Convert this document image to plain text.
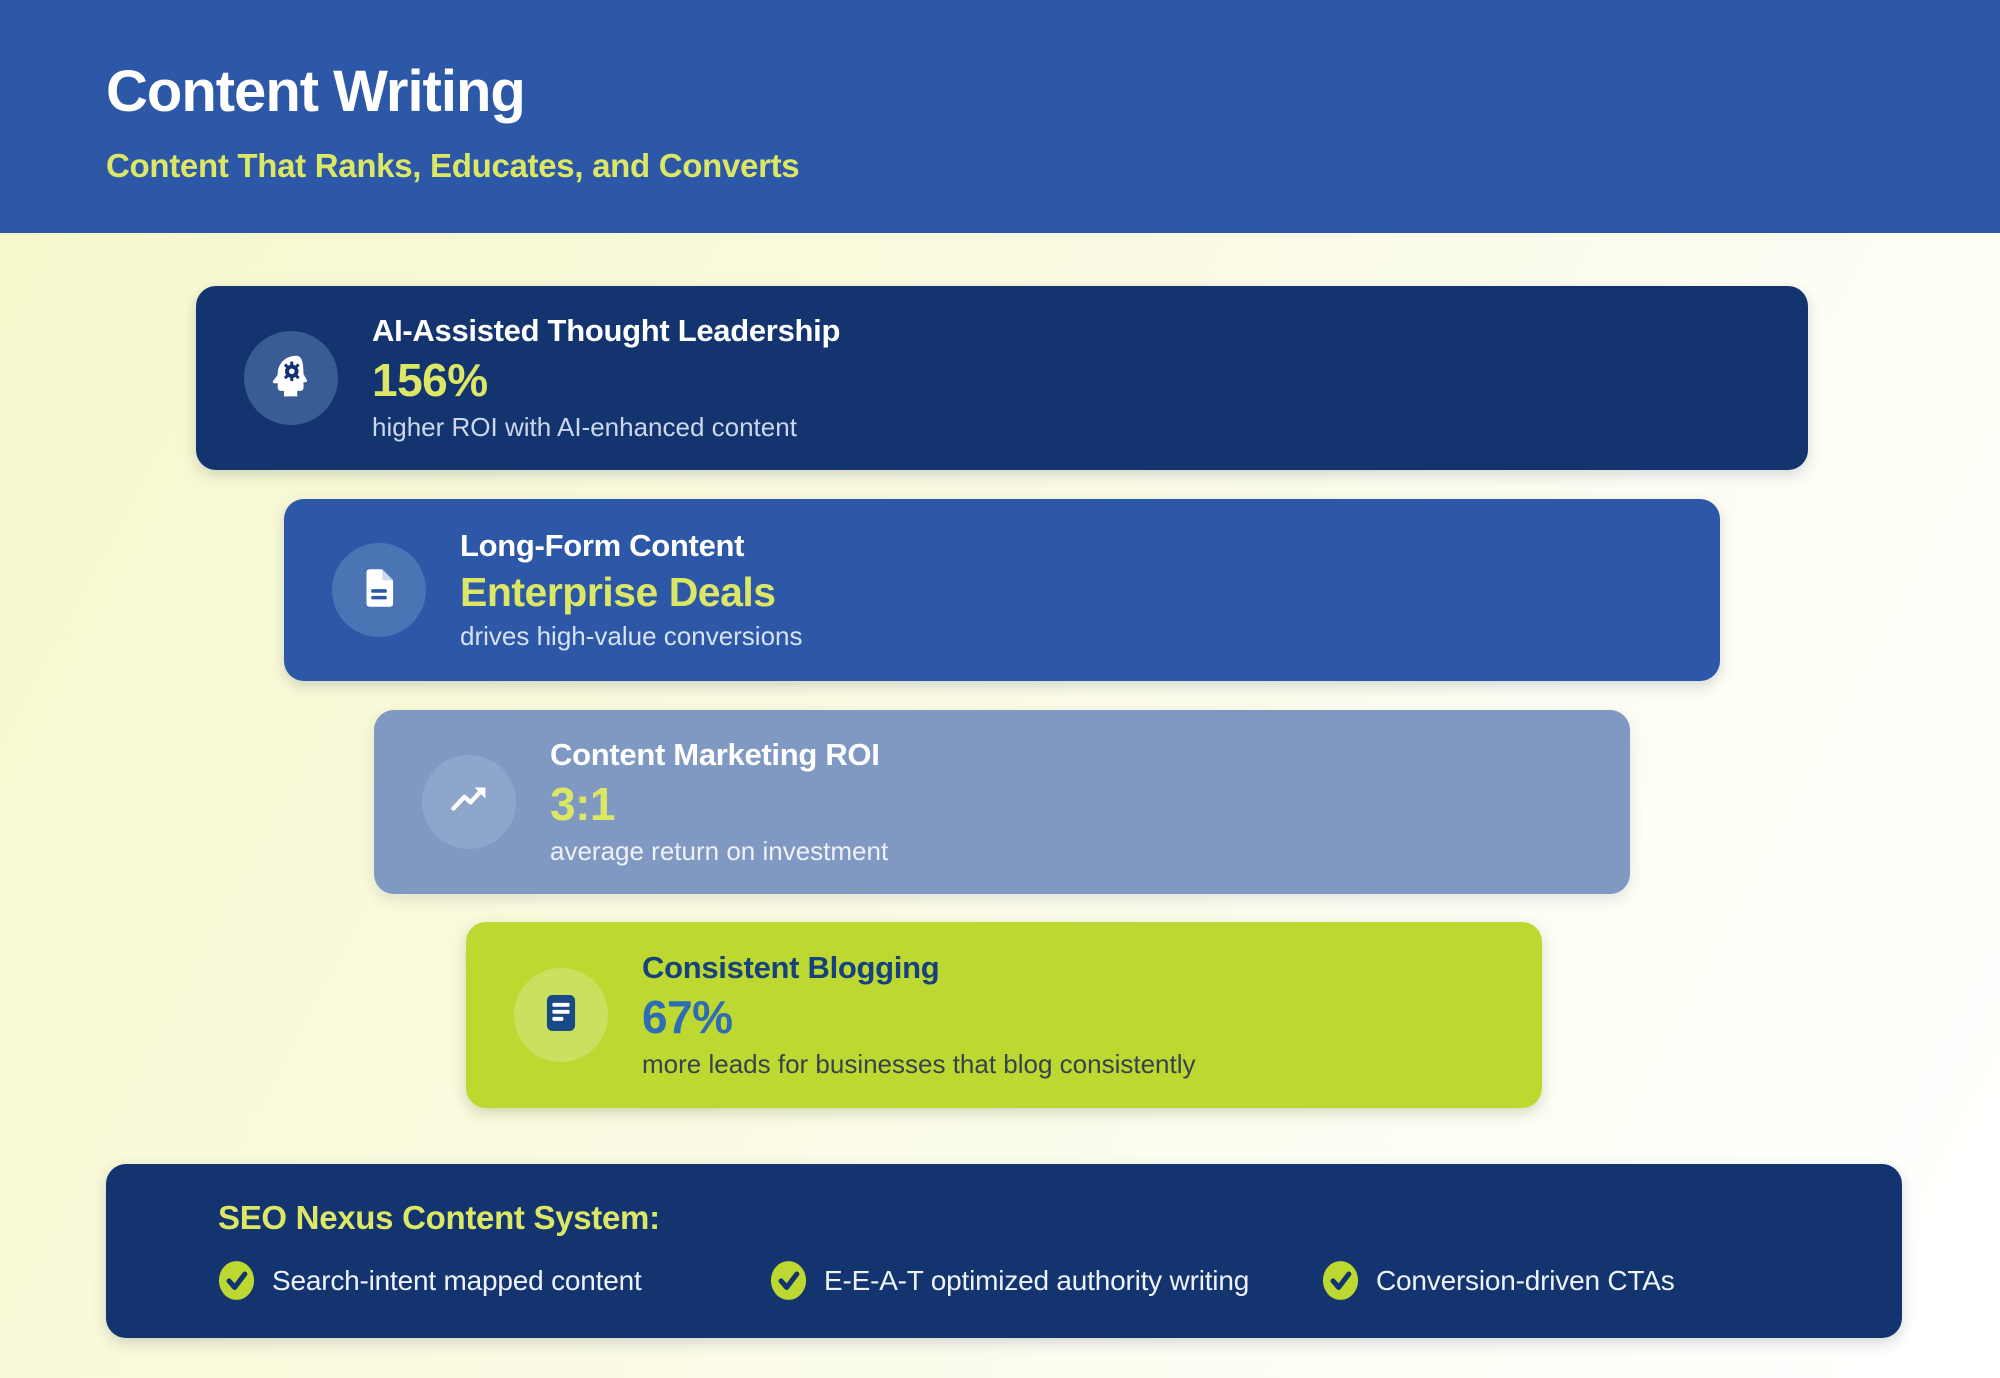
Content Writing
Content That Ranks, Educates, and Converts
AI-Assisted Thought Leadership
156%
higher ROI with AI-enhanced content
Long-Form Content
Enterprise Deals
drives high-value conversions
Content Marketing ROI
3:1
average return on investment
Consistent Blogging
67%
more leads for businesses that blog consistently
SEO Nexus Content System:
Search-intent mapped content	E-E-A-T optimized authority writing	Conversion-driven CTAs
